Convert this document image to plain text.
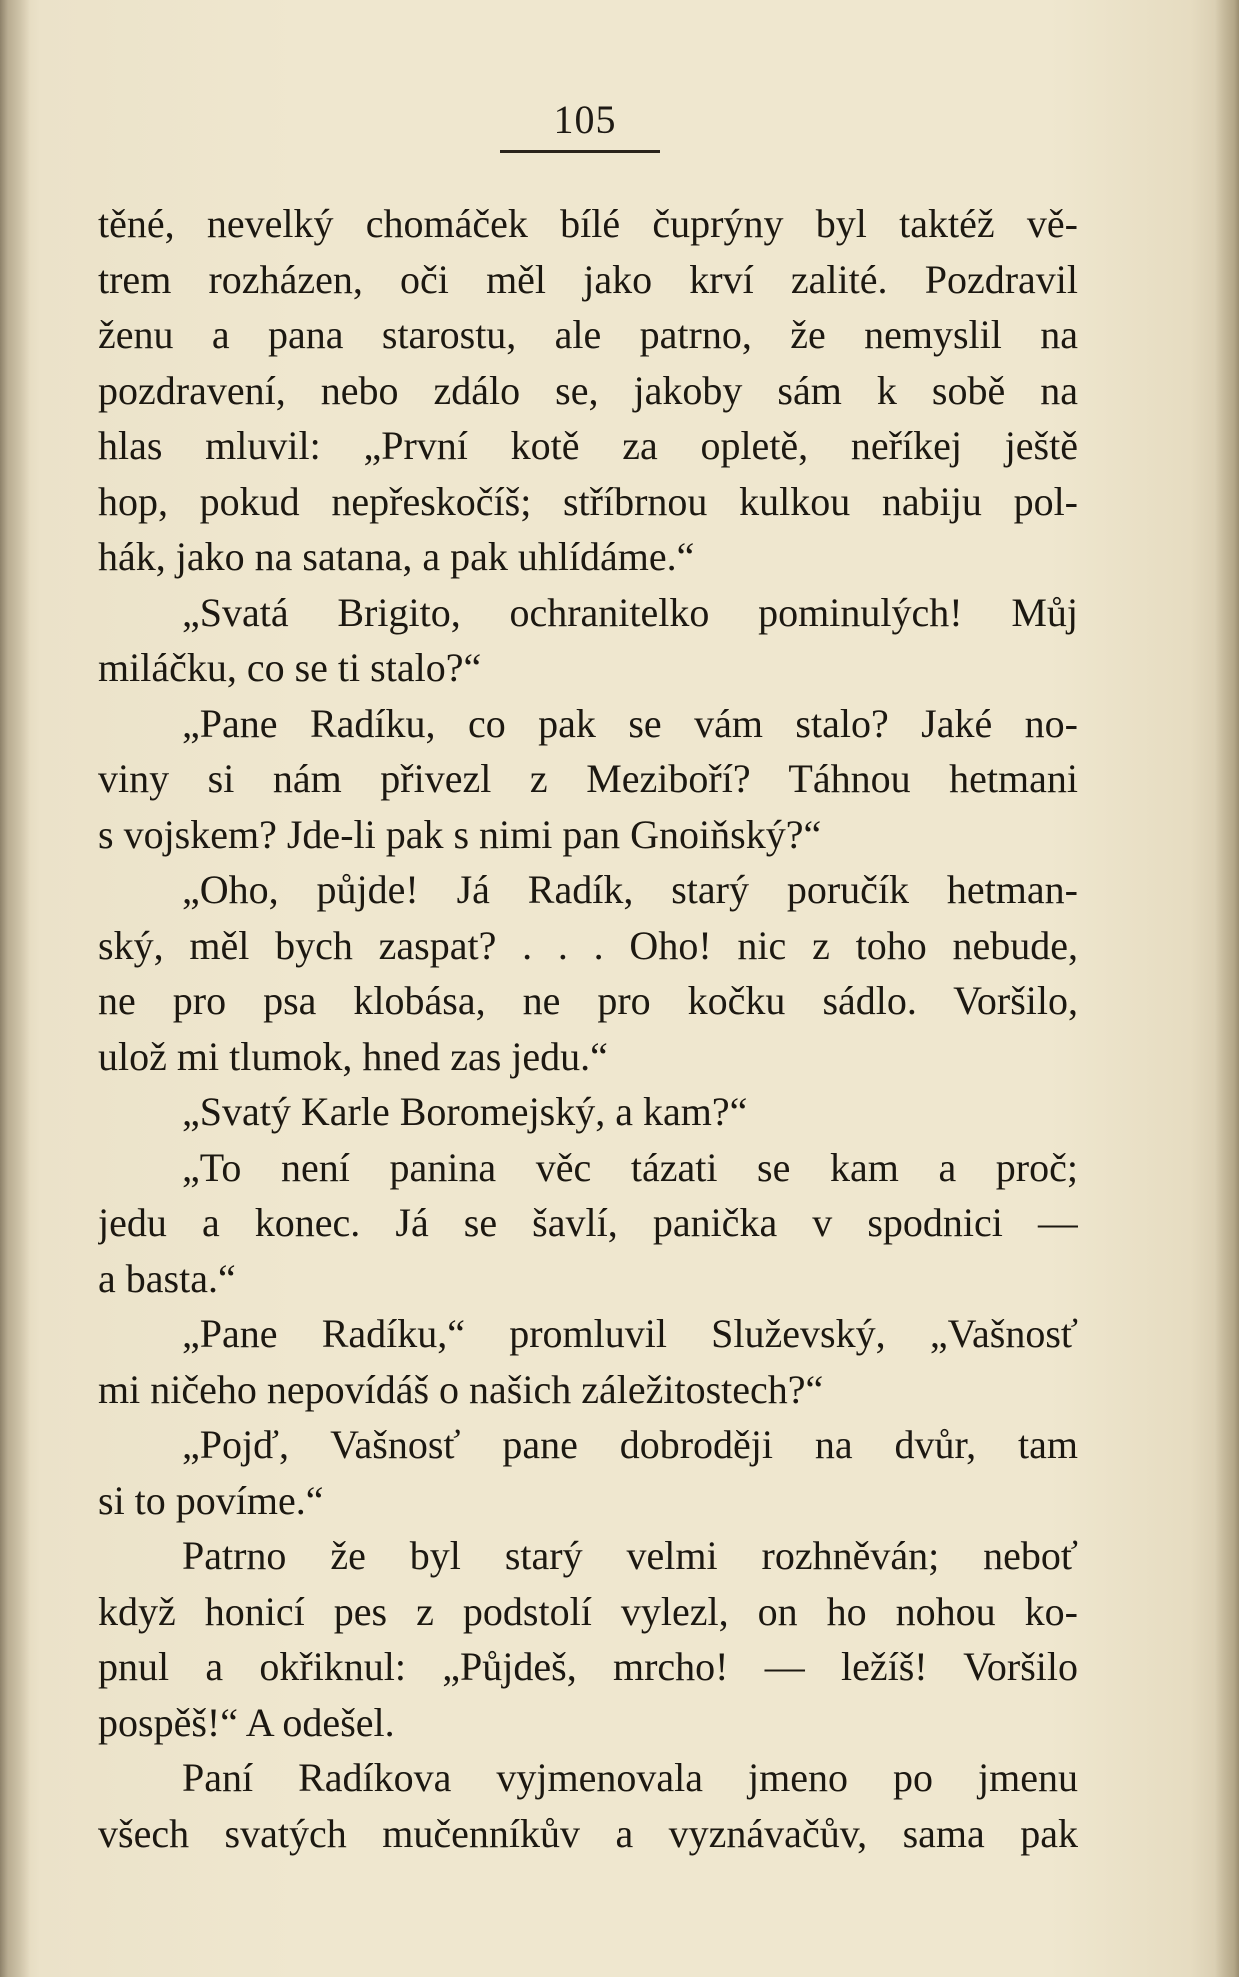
105
těné, nevelký chomáček bílé čuprýny byl taktéž vě-
trem rozházen, oči měl jako krví zalité. Pozdravil
ženu a pana starostu, ale patrno, že nemyslil na
pozdravení, nebo zdálo se, jakoby sám k sobě na
hlas mluvil: „První kotě za opletě, neříkej ještě
hop, pokud nepřeskočíš; stříbrnou kulkou nabiju pol-
hák, jako na satana, a pak uhlídáme.“
„Svatá Brigito, ochranitelko pominulých! Můj
miláčku, co se ti stalo?“
„Pane Radíku, co pak se vám stalo? Jaké no-
viny si nám přivezl z Meziboří? Táhnou hetmani
s vojskem? Jde-li pak s nimi pan Gnoiňský?“
„Oho, půjde! Já Radík, starý poručík hetman-
ský, měl bych zaspat? . . . Oho! nic z toho nebude,
ne pro psa klobása, ne pro kočku sádlo. Voršilo,
ulož mi tlumok, hned zas jedu.“
„Svatý Karle Boromejský, a kam?“
„To není panina věc tázati se kam a proč;
jedu a konec. Já se šavlí, panička v spodnici —
a basta.“
„Pane Radíku,“ promluvil Služevský, „Vašnosť
mi ničeho nepovídáš o našich záležitostech?“
„Pojď, Vašnosť pane dobroději na dvůr, tam
si to povíme.“
Patrno že byl starý velmi rozhněván; neboť
když honicí pes z podstolí vylezl, on ho nohou ko-
pnul a okřiknul: „Půjdeš, mrcho! — ležíš! Voršilo
pospěš!“ A odešel.
Paní Radíkova vyjmenovala jmeno po jmenu
všech svatých mučenníkův a vyznávačův, sama pak
